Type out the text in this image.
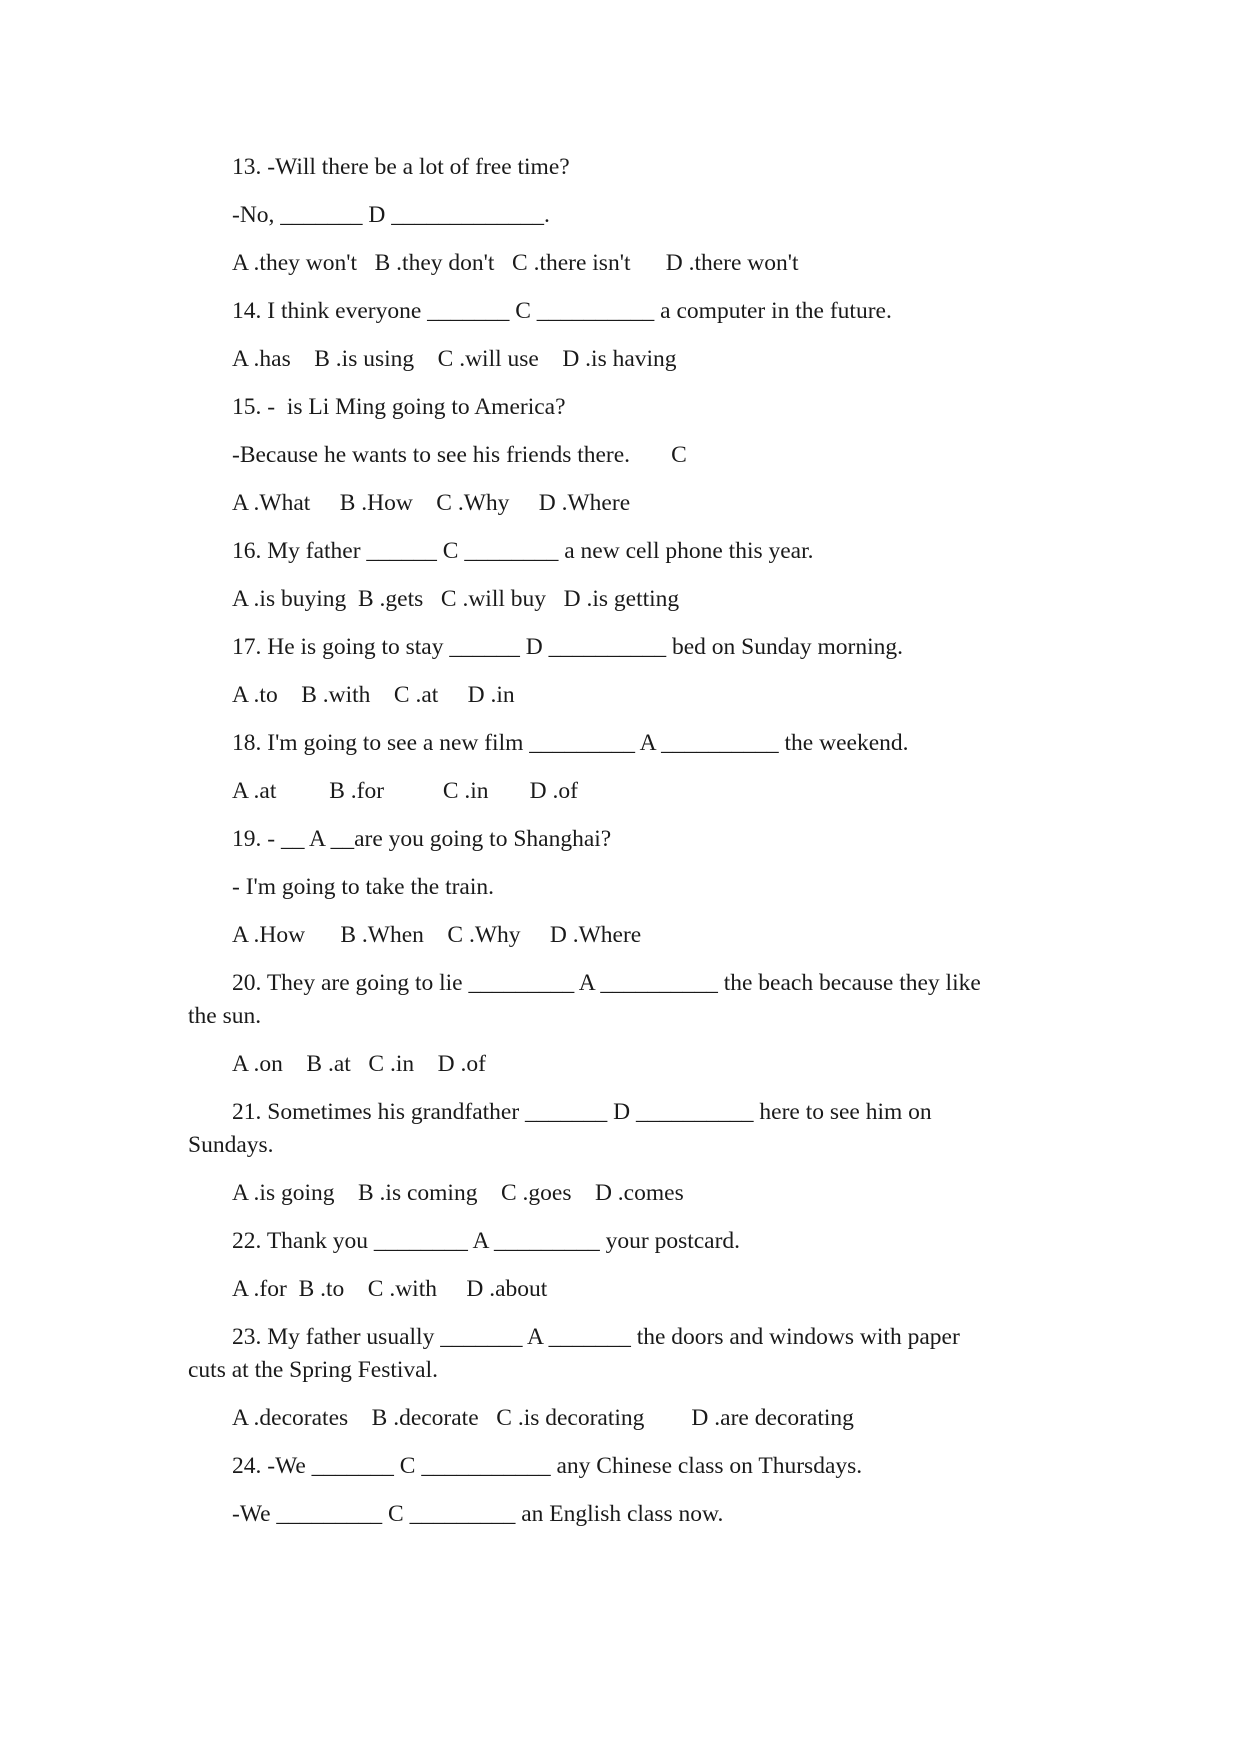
13. -Will there be a lot of free time?
-No, _______ D _____________.
A .they won't   B .they don't   C .there isn't      D .there won't
14. I think everyone _______ C __________ a computer in the future.
A .has    B .is using    C .will use    D .is having
15. -  is Li Ming going to America?
-Because he wants to see his friends there.       C
A .What     B .How    C .Why     D .Where
16. My father ______ C ________ a new cell phone this year.
A .is buying  B .gets   C .will buy   D .is getting
17. He is going to stay ______ D __________ bed on Sunday morning.
A .to    B .with    C .at     D .in
18. I'm going to see a new film _________ A __________ the weekend.
A .at         B .for          C .in       D .of
19. - __ A __are you going to Shanghai?
- I'm going to take the train.
A .How      B .When    C .Why     D .Where
20. They are going to lie _________ A __________ the beach because they like
the sun.
A .on    B .at   C .in    D .of
21. Sometimes his grandfather _______ D __________ here to see him on
Sundays.
A .is going    B .is coming    C .goes    D .comes
22. Thank you ________ A _________ your postcard.
A .for  B .to    C .with     D .about
23. My father usually _______ A _______ the doors and windows with paper
cuts at the Spring Festival.
A .decorates    B .decorate   C .is decorating        D .are decorating
24. -We _______ C ___________ any Chinese class on Thursdays.
-We _________ C _________ an English class now.
